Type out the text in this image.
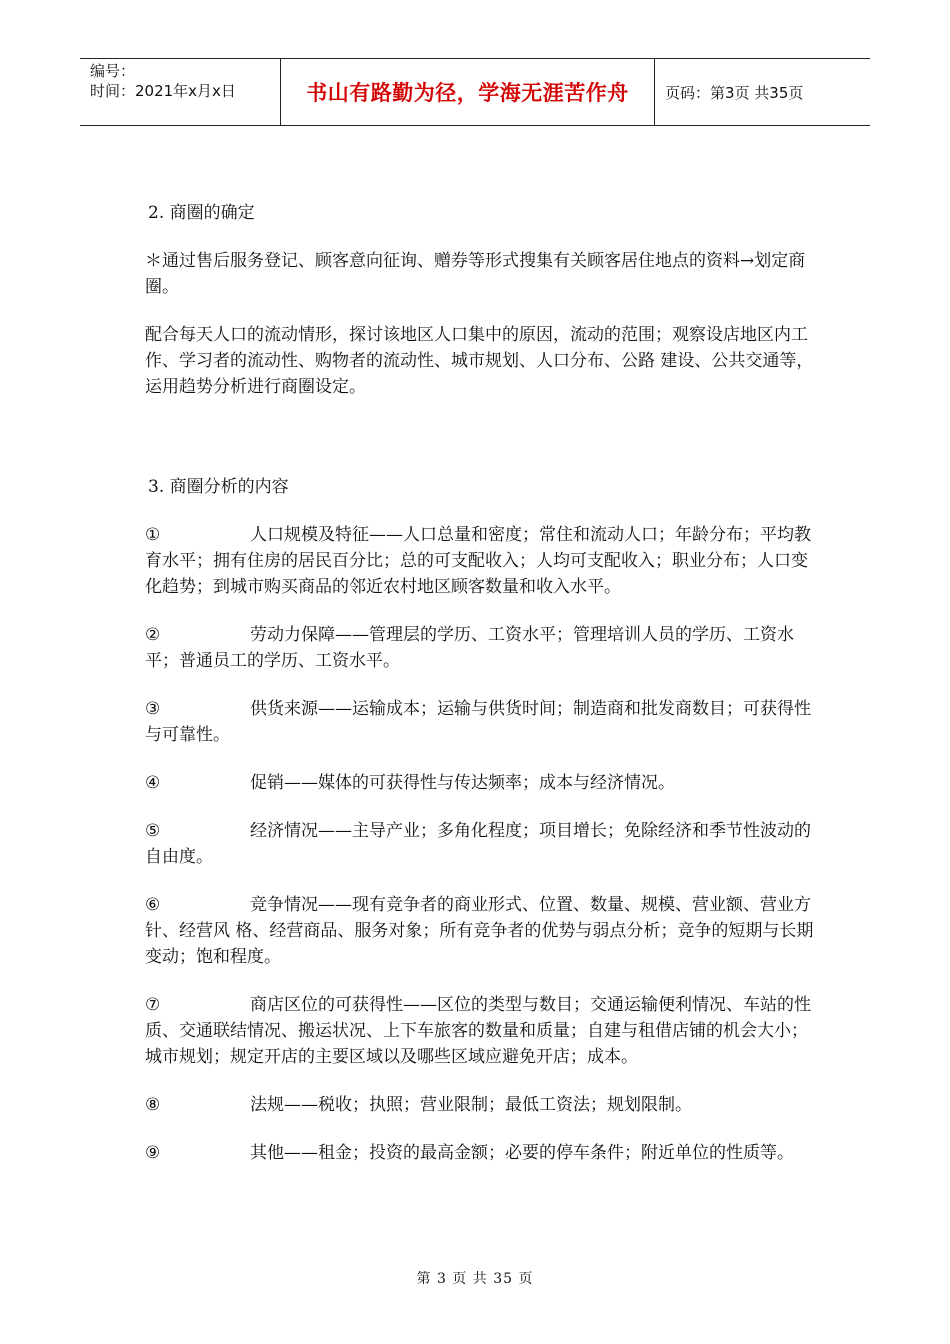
编号：
时间：2021年x月x日	书山有路勤为径，学海无涯苦作舟	页码：第3页 共35页

2. 商圈的确定

＊通过售后服务登记、顾客意向征询、赠券等形式搜集有关顾客居住地点的资料→划定商圈。

配合每天人口的流动情形，探讨该地区人口集中的原因，流动的范围；观察设店地区内工作、学习者的流动性、购物者的流动性、城市规划、人口分布、公路 建设、公共交通等，运用趋势分析进行商圈设定。

3. 商圈分析的内容

①	人口规模及特征——人口总量和密度；常住和流动人口；年龄分布；平均教育水平；拥有住房的居民百分比；总的可支配收入；人均可支配收入；职业分布；人口变 化趋势；到城市购买商品的邻近农村地区顾客数量和收入水平。
②	劳动力保障——管理层的学历、工资水平；管理培训人员的学历、工资水平；普通员工的学历、工资水平。
③	供货来源——运输成本；运输与供货时间；制造商和批发商数目；可获得性与可靠性。
④	促销——媒体的可获得性与传达频率；成本与经济情况。
⑤	经济情况——主导产业；多角化程度；项目增长；免除经济和季节性波动的自由度。
⑥	竞争情况——现有竞争者的商业形式、位置、数量、规模、营业额、营业方针、经营风 格、经营商品、服务对象；所有竞争者的优势与弱点分析；竞争的短期与长期变动；饱和程度。
⑦	商店区位的可获得性——区位的类型与数目；交通运输便利情况、车站的性质、交通联结情况、搬运状况、上下车旅客的数量和质量；自建与租借店铺的机会大小； 城市规划；规定开店的主要区域以及哪些区域应避免开店；成本。
⑧	法规——税收；执照；营业限制；最低工资法；规划限制。
⑨	其他——租金；投资的最高金额；必要的停车条件；附近单位的性质等。
第 3 页 共 35 页
